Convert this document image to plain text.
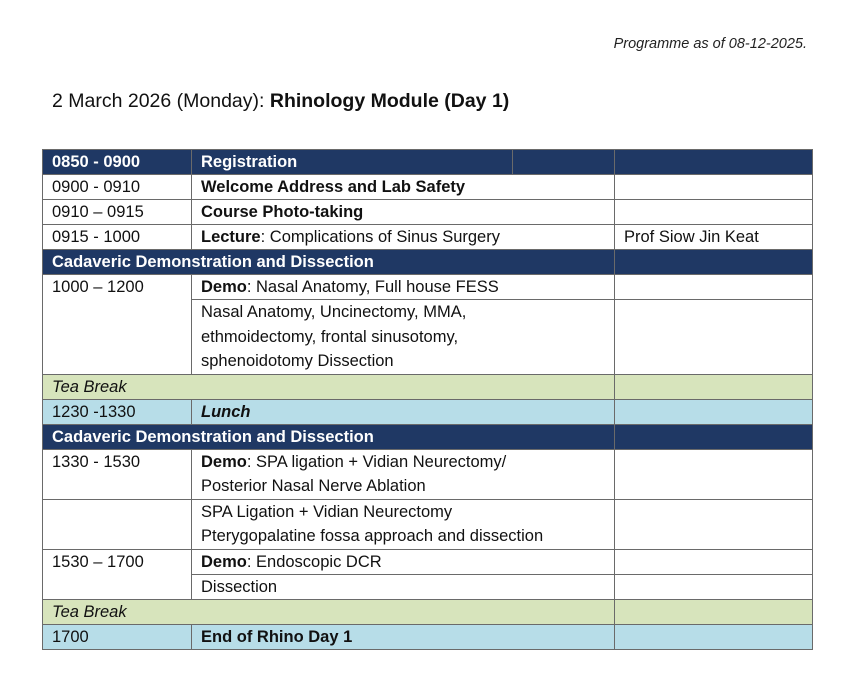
Programme as of 08-12-2025.
2 March 2026 (Monday): Rhinology Module (Day 1)
0850 - 0900	Registration

0900 - 0910	Welcome Address and Lab Safety	
0910 – 0915	Course Photo-taking	
0915 - 1000	Lecture: Complications of Sinus Surgery	Prof Siow Jin Keat
Cadaveric Demonstration and Dissection		
1000 – 1200	Demo: Nasal Anatomy, Full house FESS	
	Nasal Anatomy, Uncinectomy, MMA,
ethmoidectomy, frontal sinusotomy,
sphenoidotomy Dissection	
Tea Break		
1230 -1330	Lunch	
Cadaveric Demonstration and Dissection		
1330 - 1530	Demo: SPA ligation + Vidian Neurectomy/
Posterior Nasal Nerve Ablation	
	SPA Ligation + Vidian Neurectomy
Pterygopalatine fossa approach and dissection	
1530 – 1700	Demo: Endoscopic DCR	
	Dissection	
Tea Break		
1700	End of Rhino Day 1	
